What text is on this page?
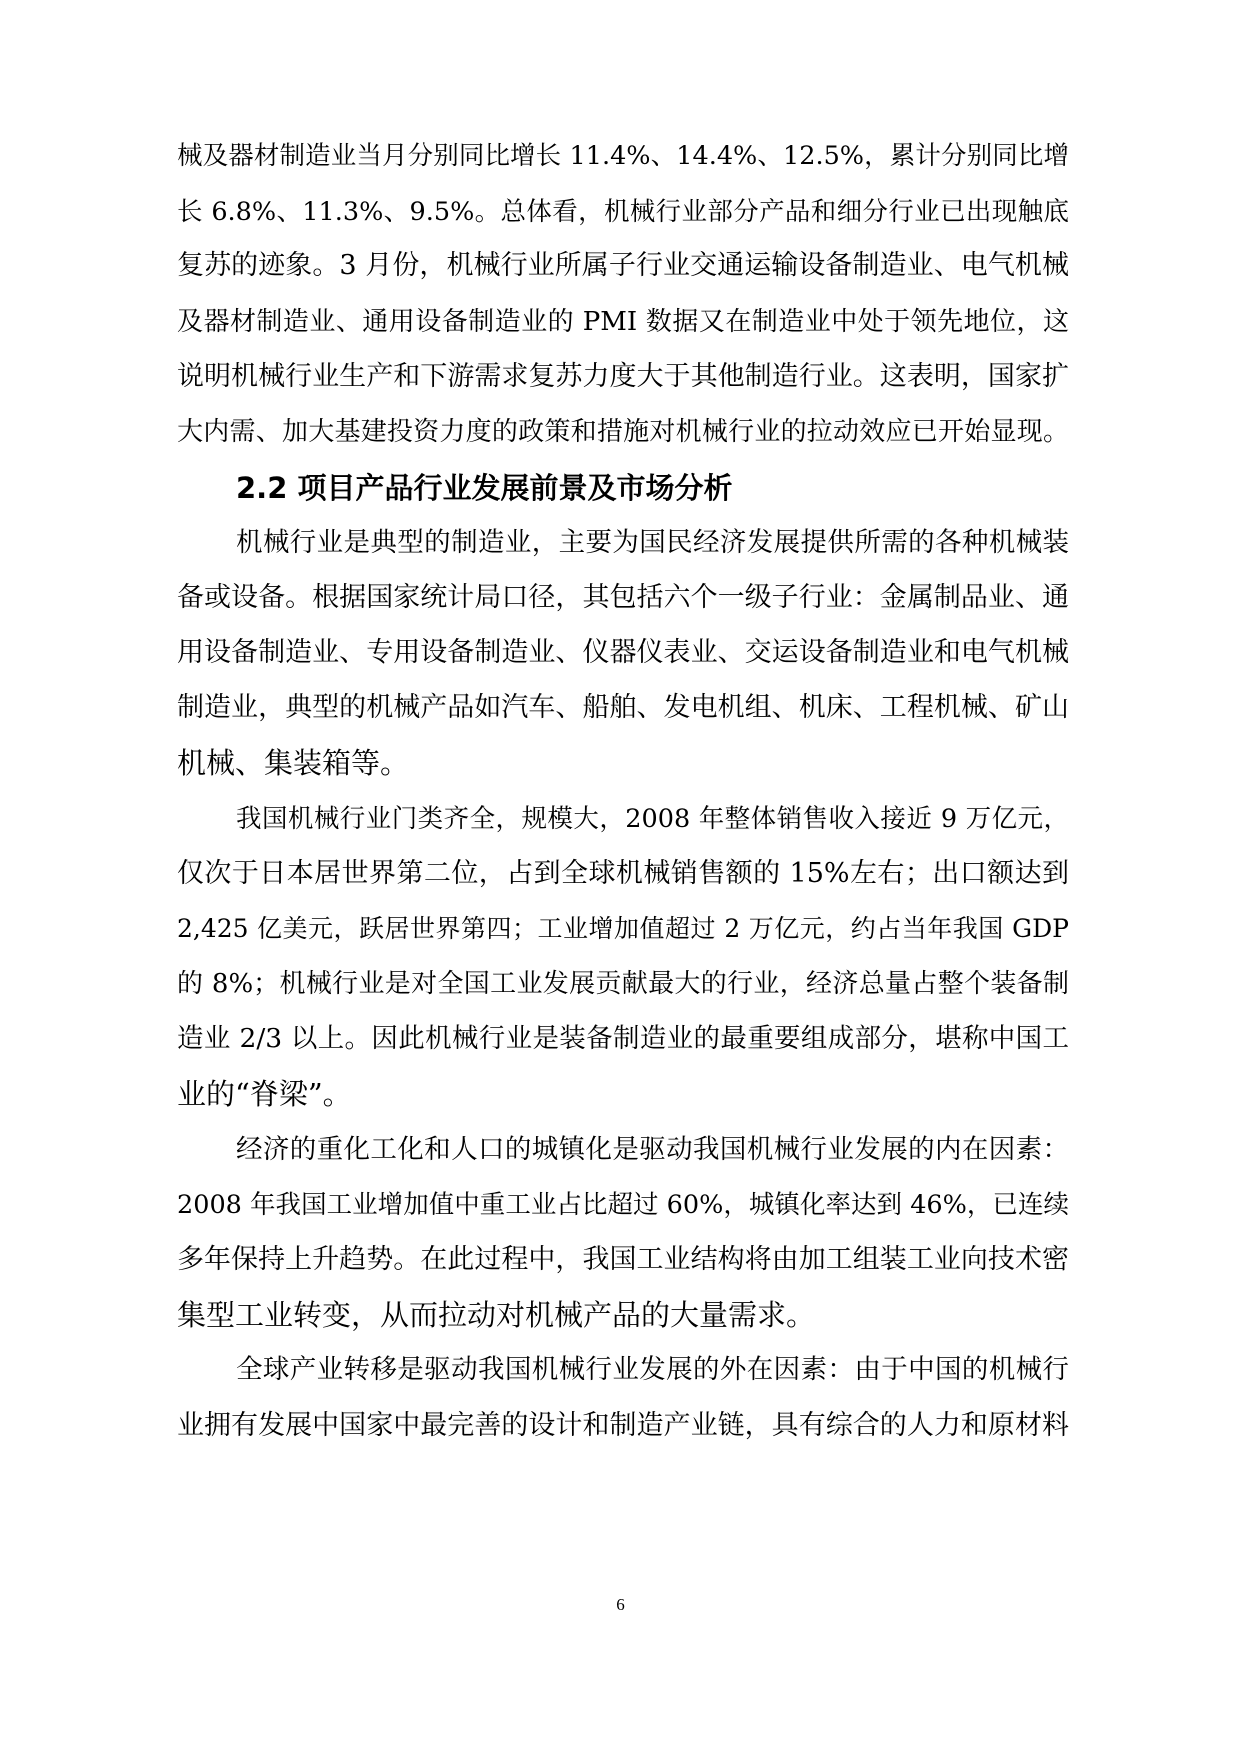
械及器材制造业当月分别同比增长 11.4%、14.4%、12.5%，累计分别同比增
长 6.8%、11.3%、9.5%。总体看，机械行业部分产品和细分行业已出现触底
复苏的迹象。3 月份，机械行业所属子行业交通运输设备制造业、电气机械
及器材制造业、通用设备制造业的 PMI 数据又在制造业中处于领先地位，这
说明机械行业生产和下游需求复苏力度大于其他制造行业。这表明，国家扩
大内需、加大基建投资力度的政策和措施对机械行业的拉动效应已开始显现。
2.2 项目产品行业发展前景及市场分析
机械行业是典型的制造业，主要为国民经济发展提供所需的各种机械装
备或设备。根据国家统计局口径，其包括六个一级子行业：金属制品业、通
用设备制造业、专用设备制造业、仪器仪表业、交运设备制造业和电气机械
制造业，典型的机械产品如汽车、船舶、发电机组、机床、工程机械、矿山
机械、集装箱等。
我国机械行业门类齐全，规模大，2008 年整体销售收入接近 9 万亿元，
仅次于日本居世界第二位，占到全球机械销售额的 15%左右；出口额达到
2,425 亿美元，跃居世界第四；工业增加值超过 2 万亿元，约占当年我国 GDP
的 8%；机械行业是对全国工业发展贡献最大的行业，经济总量占整个装备制
造业 2/3 以上。因此机械行业是装备制造业的最重要组成部分，堪称中国工
业的“脊梁”。
经济的重化工化和人口的城镇化是驱动我国机械行业发展的内在因素：
2008 年我国工业增加值中重工业占比超过 60%，城镇化率达到 46%，已连续
多年保持上升趋势。在此过程中，我国工业结构将由加工组装工业向技术密
集型工业转变，从而拉动对机械产品的大量需求。
全球产业转移是驱动我国机械行业发展的外在因素：由于中国的机械行
业拥有发展中国家中最完善的设计和制造产业链，具有综合的人力和原材料
6
